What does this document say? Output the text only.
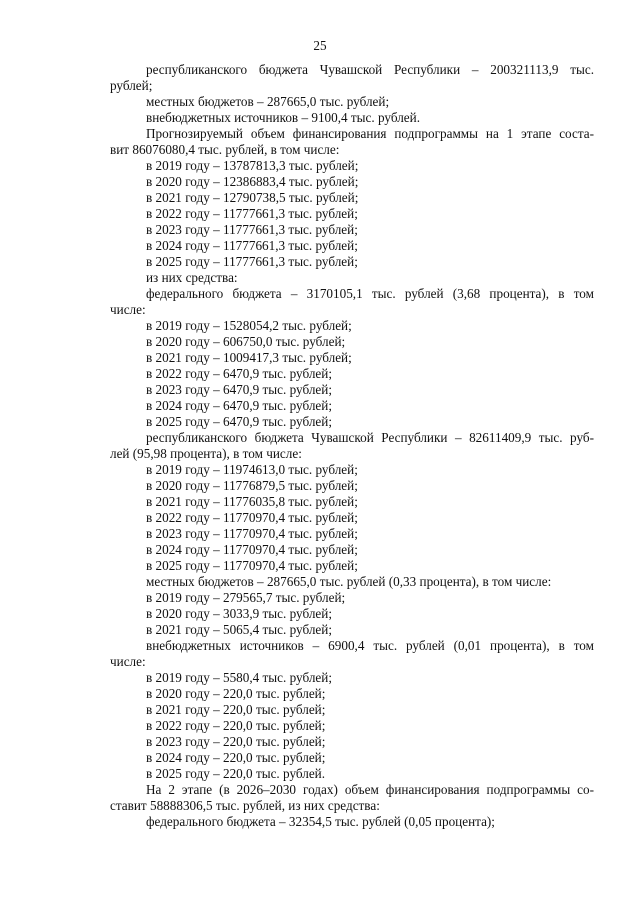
25
республиканского бюджета Чувашской Республики – 200321113,9 тыс.
рублей;
местных бюджетов – 287665,0 тыс. рублей;
внебюджетных источников – 9100,4 тыс. рублей.
Прогнозируемый объем финансирования подпрограммы на 1 этапе соста-
вит 86076080,4 тыс. рублей, в том числе:
в 2019 году – 13787813,3 тыс. рублей;
в 2020 году – 12386883,4 тыс. рублей;
в 2021 году – 12790738,5 тыс. рублей;
в 2022 году – 11777661,3 тыс. рублей;
в 2023 году – 11777661,3 тыс. рублей;
в 2024 году – 11777661,3 тыс. рублей;
в 2025 году – 11777661,3 тыс. рублей;
из них средства:
федерального бюджета – 3170105,1 тыс. рублей (3,68 процента), в том
числе:
в 2019 году – 1528054,2 тыс. рублей;
в 2020 году – 606750,0 тыс. рублей;
в 2021 году – 1009417,3 тыс. рублей;
в 2022 году – 6470,9 тыс. рублей;
в 2023 году – 6470,9 тыс. рублей;
в 2024 году – 6470,9 тыс. рублей;
в 2025 году – 6470,9 тыс. рублей;
республиканского бюджета Чувашской Республики – 82611409,9 тыс. руб-
лей (95,98 процента), в том числе:
в 2019 году – 11974613,0 тыс. рублей;
в 2020 году – 11776879,5 тыс. рублей;
в 2021 году – 11776035,8 тыс. рублей;
в 2022 году – 11770970,4 тыс. рублей;
в 2023 году – 11770970,4 тыс. рублей;
в 2024 году – 11770970,4 тыс. рублей;
в 2025 году – 11770970,4 тыс. рублей;
местных бюджетов – 287665,0 тыс. рублей (0,33 процента), в том числе:
в 2019 году – 279565,7 тыс. рублей;
в 2020 году – 3033,9 тыс. рублей;
в 2021 году – 5065,4 тыс. рублей;
внебюджетных источников – 6900,4 тыс. рублей (0,01 процента), в том
числе:
в 2019 году – 5580,4 тыс. рублей;
в 2020 году – 220,0 тыс. рублей;
в 2021 году – 220,0 тыс. рублей;
в 2022 году – 220,0 тыс. рублей;
в 2023 году – 220,0 тыс. рублей;
в 2024 году – 220,0 тыс. рублей;
в 2025 году – 220,0 тыс. рублей.
На 2 этапе (в 2026–2030 годах) объем финансирования подпрограммы со-
ставит 58888306,5 тыс. рублей, из них средства:
федерального бюджета – 32354,5 тыс. рублей (0,05 процента);
